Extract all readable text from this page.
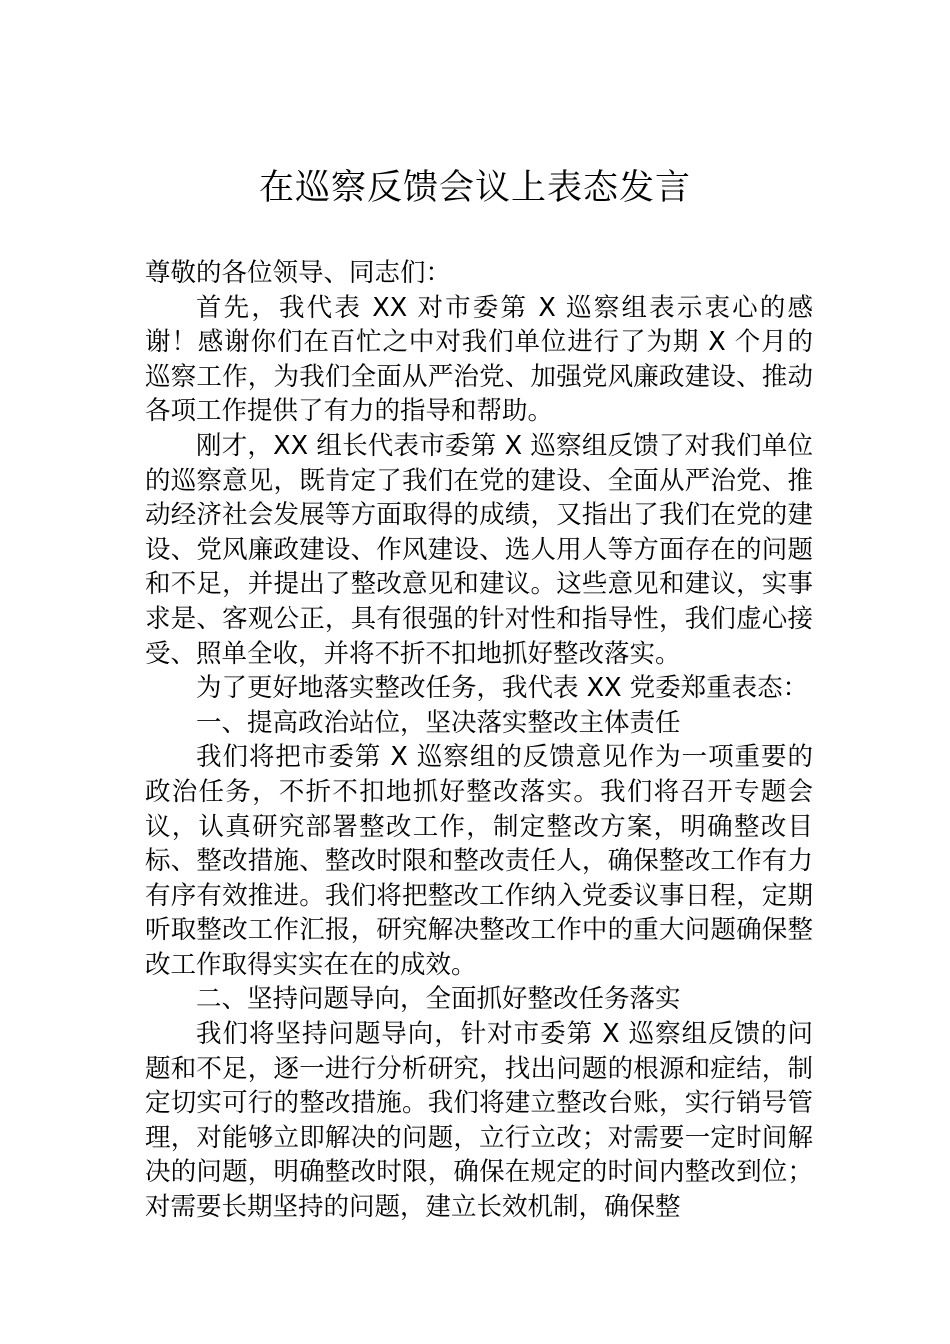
在巡察反馈会议上表态发言

尊敬的各位领导、同志们：

首先，我代表 XX 对市委第 X 巡察组表示衷心的感谢！感谢你们在百忙之中对我们单位进行了为期 X 个月的巡察工作，为我们全面从严治党、加强党风廉政建设、推动各项工作提供了有力的指导和帮助。

刚才，XX 组长代表市委第 X 巡察组反馈了对我们单位的巡察意见，既肯定了我们在党的建设、全面从严治党、推动经济社会发展等方面取得的成绩，又指出了我们在党的建设、党风廉政建设、作风建设、选人用人等方面存在的问题和不足，并提出了整改意见和建议。这些意见和建议，实事求是、客观公正，具有很强的针对性和指导性，我们虚心接受、照单全收，并将不折不扣地抓好整改落实。

为了更好地落实整改任务，我代表 XX 党委郑重表态：

一、提高政治站位，坚决落实整改主体责任

我们将把市委第 X 巡察组的反馈意见作为一项重要的政治任务，不折不扣地抓好整改落实。我们将召开专题会议，认真研究部署整改工作，制定整改方案，明确整改目标、整改措施、整改时限和整改责任人，确保整改工作有力有序有效推进。我们将把整改工作纳入党委议事日程，定期听取整改工作汇报，研究解决整改工作中的重大问题确保整改工作取得实实在在的成效。

二、坚持问题导向，全面抓好整改任务落实

我们将坚持问题导向，针对市委第 X 巡察组反馈的问题和不足，逐一进行分析研究，找出问题的根源和症结，制定切实可行的整改措施。我们将建立整改台账，实行销号管理，对能够立即解决的问题，立行立改；对需要一定时间解决的问题，明确整改时限，确保在规定的时间内整改到位；对需要长期坚持的问题，建立长效机制，确保整
